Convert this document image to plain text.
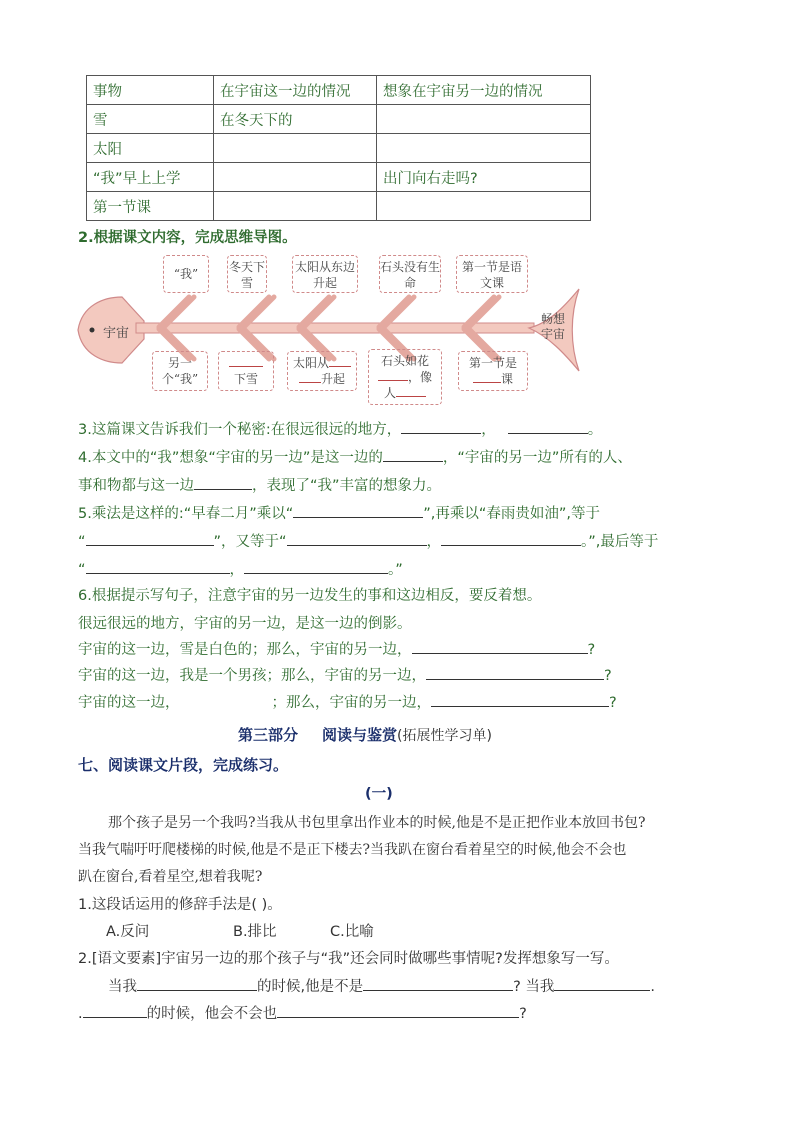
事物	在宇宙这一边的情况	想象在宇宙另一边的情况
雪	在冬天下的	
太阳		
“我”早上上学		出门向右走吗?
第一节课		
2.根据课文内容，完成思维导图。
宇宙
畅想宇宙
“我”	冬天下雪
太阳从东边升起
石头没有生命
第一节是语文课
另一个“我”	下雪
太阳从
升起
石头如花
，像
人
第一节是
课
3.这篇课文告诉我们一个秘密:在很远很远的地方，	，	。
4.本文中的“我”想象“宇宙的另一边”是这一边的	，“宇宙的另一边”所有的人、
事和物都与这一边	，表现了“我”丰富的想象力。
5.乘法是这样的:“早春二月”乘以“	”,再乘以“春雨贵如油”,等于
“	”，又等于“	，	。”,最后等于
“	，	。”
6.根据提示写句子，注意宇宙的另一边发生的事和这边相反，要反着想。
很远很远的地方，宇宙的另一边，是这一边的倒影。
宇宙的这一边，雪是白色的；那么，宇宙的另一边，	?
宇宙的这一边，我是一个男孩；那么，宇宙的另一边，	?
宇宙的这一边，	；那么，宇宙的另一边，	?
第三部分 阅读与鉴赏(拓展性学习单)
七、阅读课文片段，完成练习。
(一)
那个孩子是另一个我吗?当我从书包里拿出作业本的时候,他是不是正把作业本放回书包?
当我气喘吁吁爬楼梯的时候,他是不是正下楼去?当我趴在窗台看着星空的时候,他会不会也
趴在窗台,看着星空,想着我呢?
1.这段话运用的修辞手法是( )。
A.反问	B.排比	C.比喻
2.[语文要素]宇宙另一边的那个孩子与“我”还会同时做哪些事情呢?发挥想象写一写。
当我	的时候,他是不是	? 当我	.
.	的时候，他会不会也	?
